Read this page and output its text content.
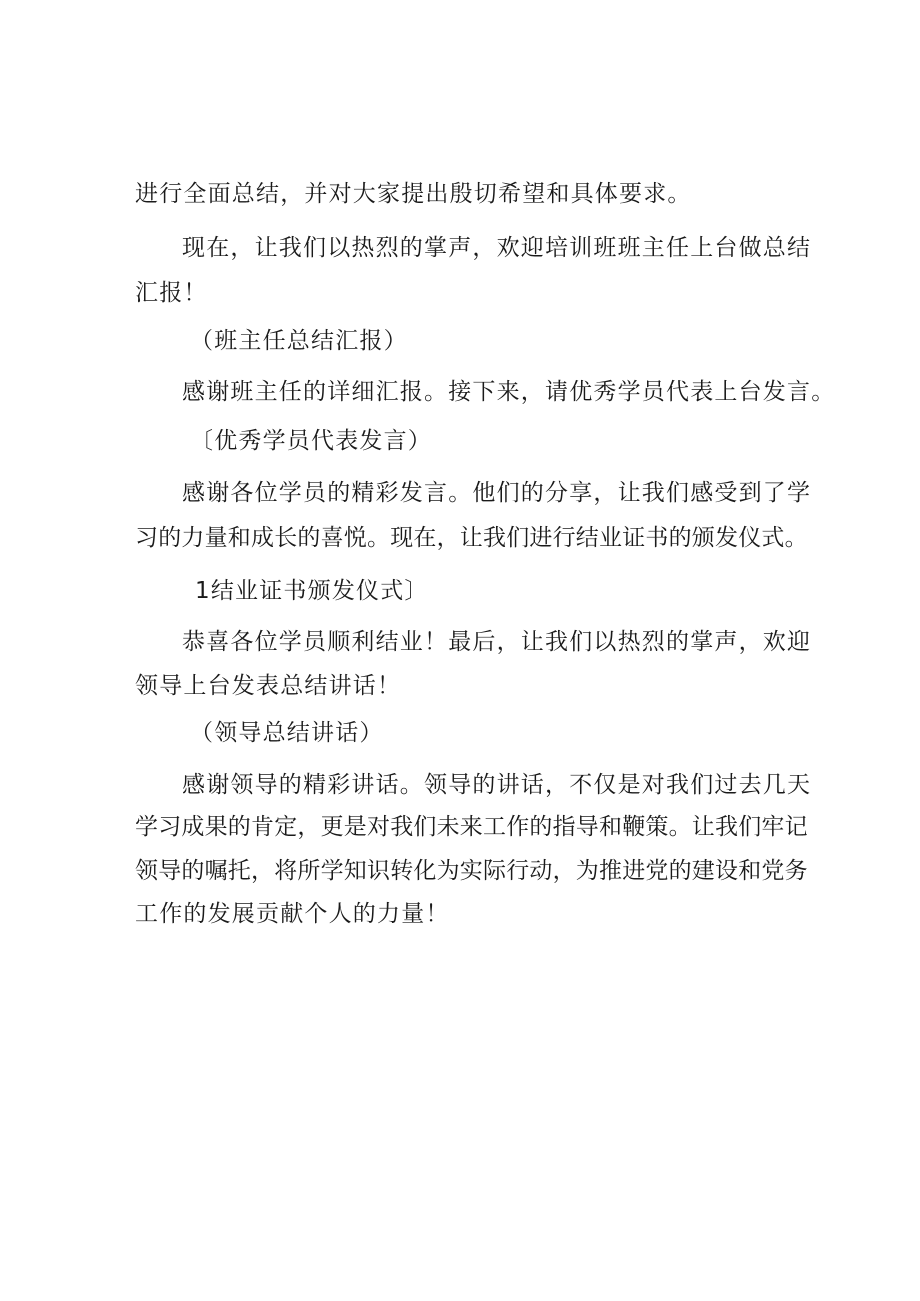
进行全面总结，并对大家提出殷切希望和具体要求。
现在，让我们以热烈的掌声，欢迎培训班班主任上台做总结
汇报！
（班主任总结汇报）
感谢班主任的详细汇报。接下来，请优秀学员代表上台发言。
〔优秀学员代表发言）
感谢各位学员的精彩发言。他们的分享，让我们感受到了学
习的力量和成长的喜悦。现在，让我们进行结业证书的颁发仪式。
1结业证书颁发仪式〕
恭喜各位学员顺利结业！最后，让我们以热烈的掌声，欢迎
领导上台发表总结讲话！
（领导总结讲话）
感谢领导的精彩讲话。领导的讲话，不仅是对我们过去几天
学习成果的肯定，更是对我们未来工作的指导和鞭策。让我们牢记
领导的嘱托，将所学知识转化为实际行动，为推进党的建设和党务
工作的发展贡献个人的力量！
